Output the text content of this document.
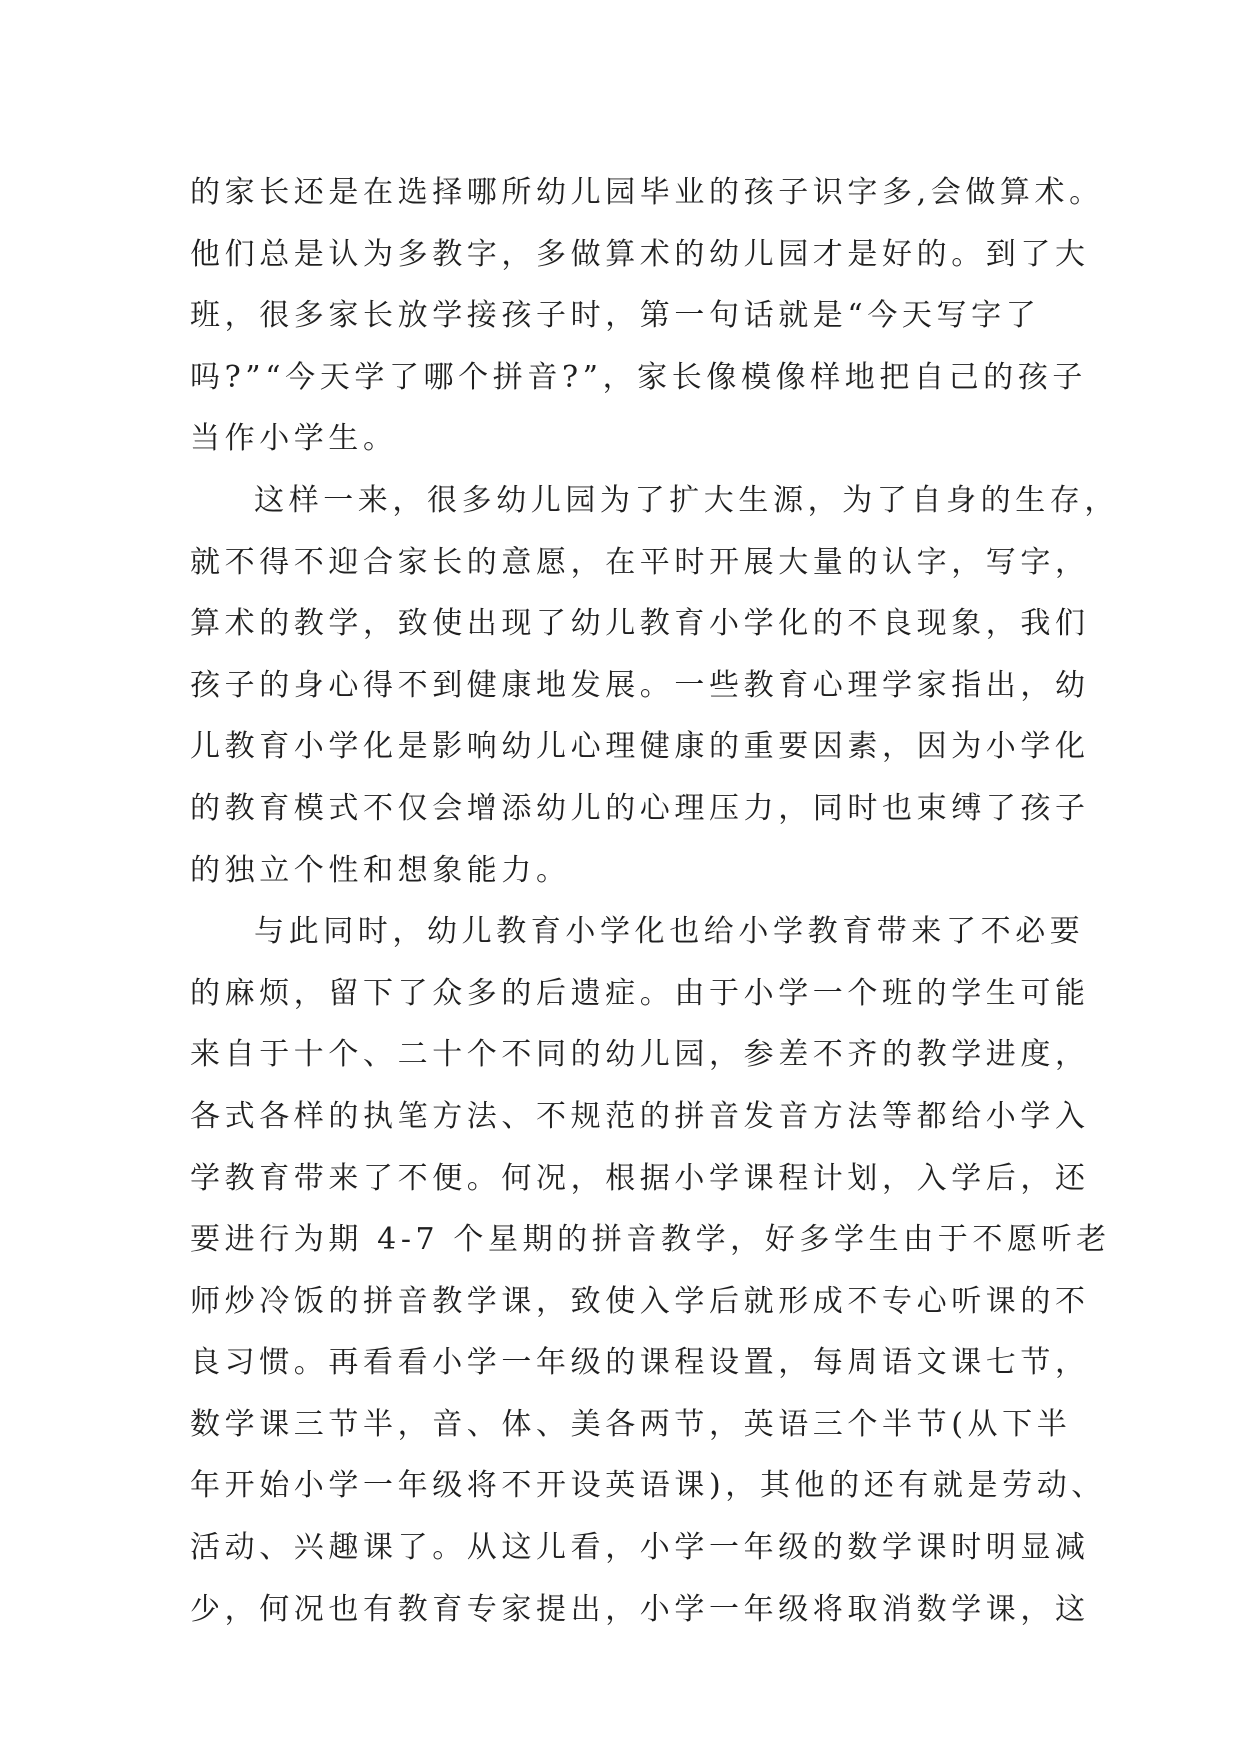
的家长还是在选择哪所幼儿园毕业的孩子识字多,会做算术。
他们总是认为多教字，多做算术的幼儿园才是好的。到了大
班，很多家长放学接孩子时，第一句话就是“今天写字了
吗?”“今天学了哪个拼音?”，家长像模像样地把自己的孩子
当作小学生。
这样一来，很多幼儿园为了扩大生源，为了自身的生存，
就不得不迎合家长的意愿，在平时开展大量的认字，写字，
算术的教学，致使出现了幼儿教育小学化的不良现象，我们
孩子的身心得不到健康地发展。一些教育心理学家指出，幼
儿教育小学化是影响幼儿心理健康的重要因素，因为小学化
的教育模式不仅会增添幼儿的心理压力，同时也束缚了孩子
的独立个性和想象能力。
与此同时，幼儿教育小学化也给小学教育带来了不必要
的麻烦，留下了众多的后遗症。由于小学一个班的学生可能
来自于十个、二十个不同的幼儿园，参差不齐的教学进度，
各式各样的执笔方法、不规范的拼音发音方法等都给小学入
学教育带来了不便。何况，根据小学课程计划，入学后，还
要进行为期 4-7 个星期的拼音教学，好多学生由于不愿听老
师炒冷饭的拼音教学课，致使入学后就形成不专心听课的不
良习惯。再看看小学一年级的课程设置，每周语文课七节，
数学课三节半，音、体、美各两节，英语三个半节(从下半
年开始小学一年级将不开设英语课)，其他的还有就是劳动、
活动、兴趣课了。从这儿看，小学一年级的数学课时明显减
少，何况也有教育专家提出，小学一年级将取消数学课，这
